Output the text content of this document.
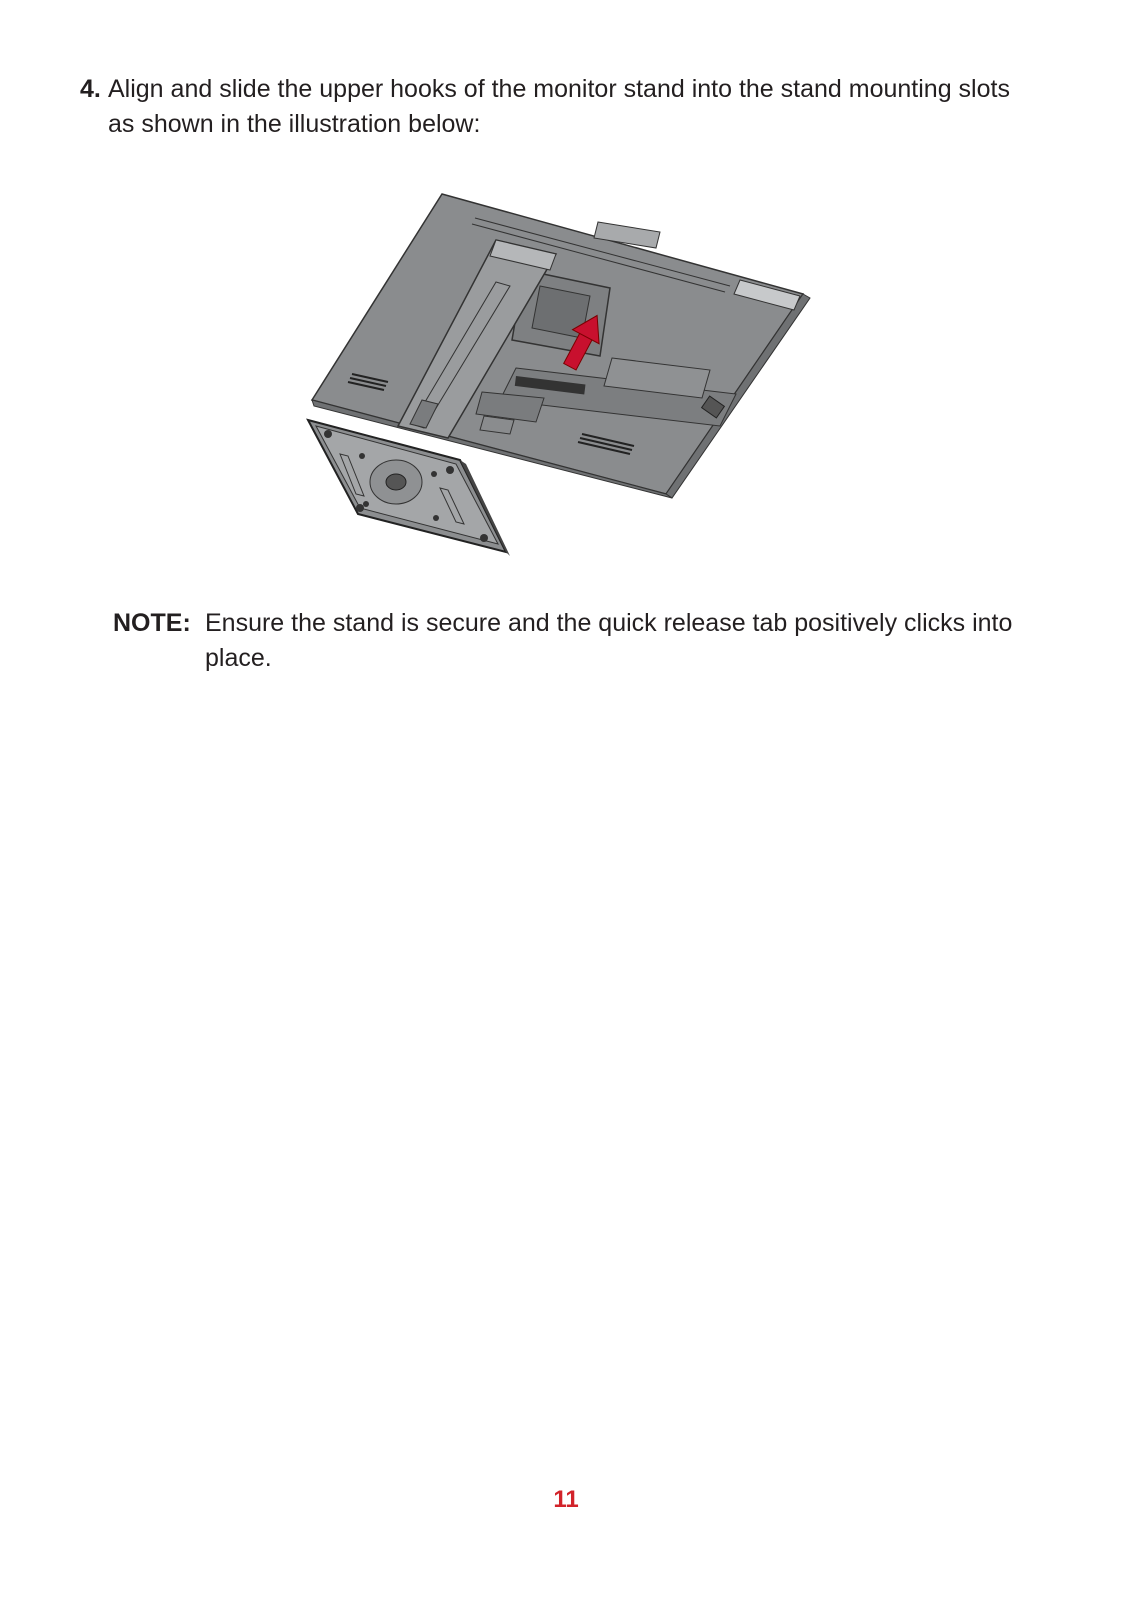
4. Align and slide the upper hooks of the monitor stand into the stand mounting slots as shown in the illustration below:
NOTE: Ensure the stand is secure and the quick release tab positively clicks into place.
11
